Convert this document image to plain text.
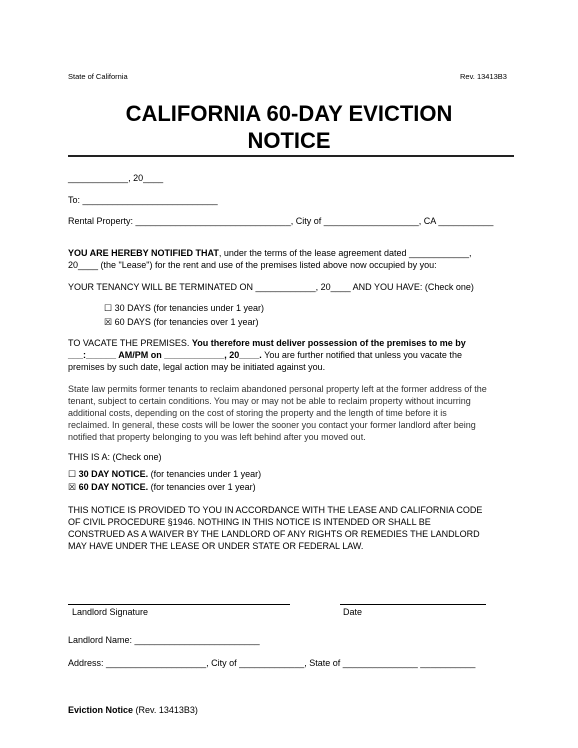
State of California	Rev. 13413B3
CALIFORNIA 60-DAY EVICTION
NOTICE
____________, 20____
To: ___________________________
Rental Property: _______________________________, City of ___________________, CA ___________
YOU ARE HEREBY NOTIFIED THAT, under the terms of the lease agreement dated ____________,
20____ (the "Lease") for the rent and use of the premises listed above now occupied by you:
YOUR TENANCY WILL BE TERMINATED ON ____________, 20____ AND YOU HAVE: (Check one)
☐ 30 DAYS (for tenancies under 1 year)
☒ 60 DAYS (for tenancies over 1 year)
TO VACATE THE PREMISES. You therefore must deliver possession of the premises to me by
___:______ AM/PM on ____________, 20____. You are further notified that unless you vacate the
premises by such date, legal action may be initiated against you.
State law permits former tenants to reclaim abandoned personal property left at the former address of the
tenant, subject to certain conditions. You may or may not be able to reclaim property without incurring
additional costs, depending on the cost of storing the property and the length of time before it is
reclaimed. In general, these costs will be lower the sooner you contact your former landlord after being
notified that property belonging to you was left behind after you moved out.
THIS IS A: (Check one)
☐ 30 DAY NOTICE. (for tenancies under 1 year)
☒ 60 DAY NOTICE. (for tenancies over 1 year)
THIS NOTICE IS PROVIDED TO YOU IN ACCORDANCE WITH THE LEASE AND CALIFORNIA CODE
OF CIVIL PROCEDURE §1946. NOTHING IN THIS NOTICE IS INTENDED OR SHALL BE
CONSTRUED AS A WAIVER BY THE LANDLORD OF ANY RIGHTS OR REMEDIES THE LANDLORD
MAY HAVE UNDER THE LEASE OR UNDER STATE OR FEDERAL LAW.
Landlord Signature	Date
Landlord Name: _________________________
Address: ____________________, City of _____________, State of _______________ ___________
Eviction Notice (Rev. 13413B3)
